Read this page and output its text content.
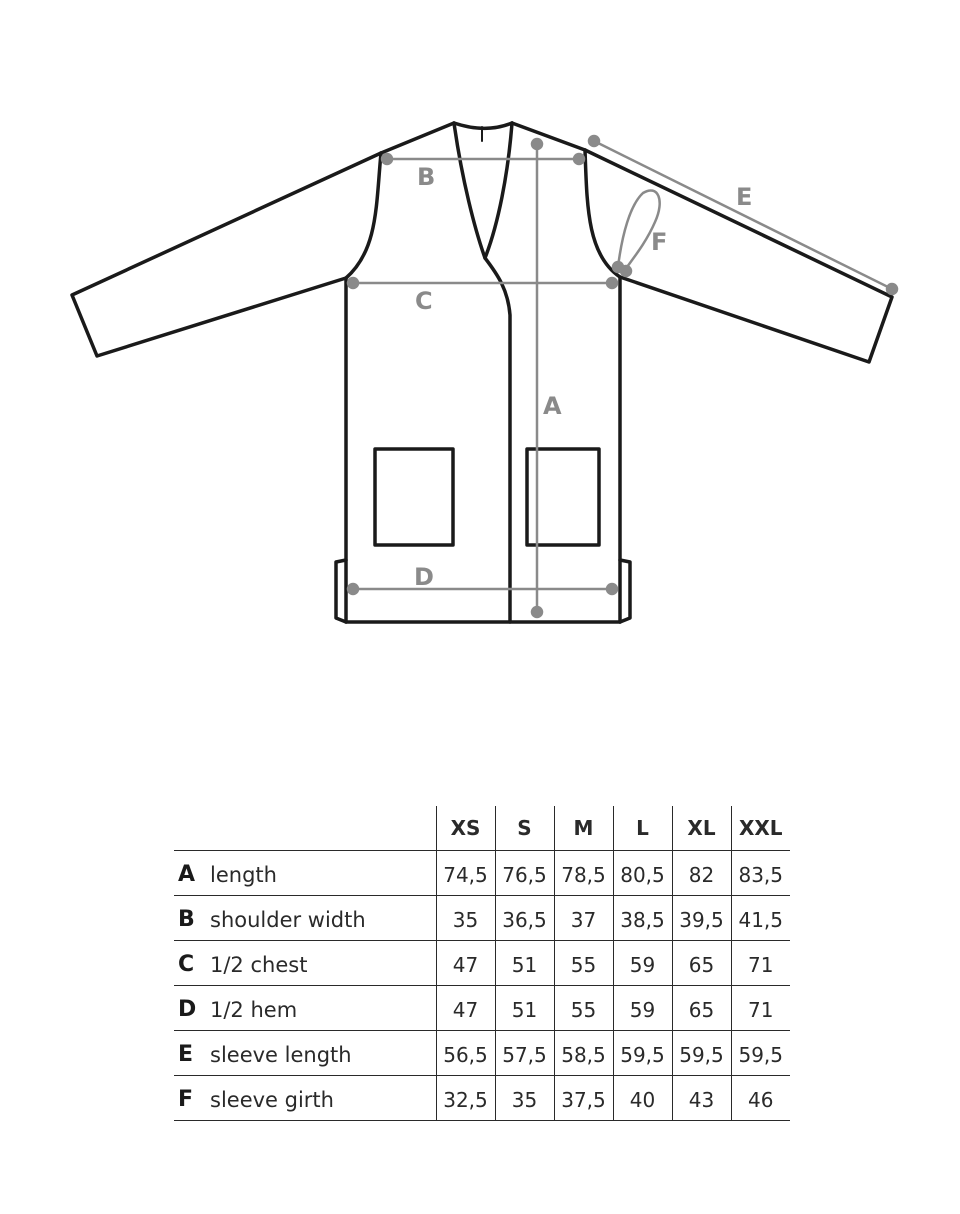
A
B
C
D
E
F
		XS	S	M	L	XL	XXL
A	length	74,5	76,5	78,5	80,5	82	83,5
B	shoulder width	35	36,5	37	38,5	39,5	41,5
C	1/2 chest	47	51	55	59	65	71
D	1/2 hem	47	51	55	59	65	71
E	sleeve length	56,5	57,5	58,5	59,5	59,5	59,5
F	sleeve girth	32,5	35	37,5	40	43	46
